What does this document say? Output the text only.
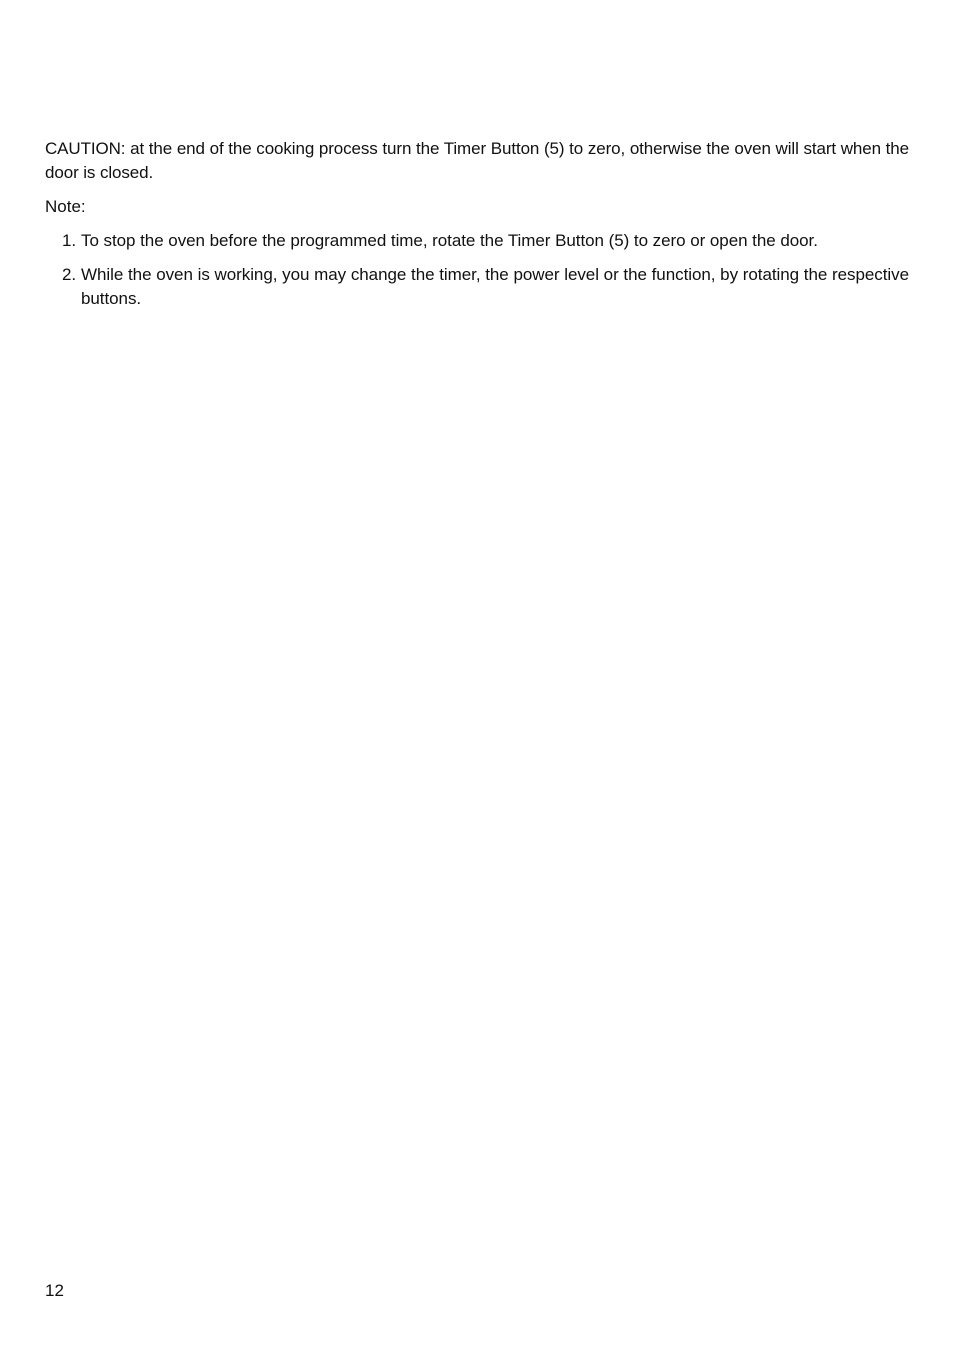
CAUTION: at the end of the cooking process turn the Timer Button (5) to zero, otherwise the oven will start when the door is closed.

Note:

1. To stop the oven before the programmed time, rotate the Timer Button (5) to zero or open the door.
2. While the oven is working, you may change the timer, the power level or the function, by rotating the respective buttons.

12
